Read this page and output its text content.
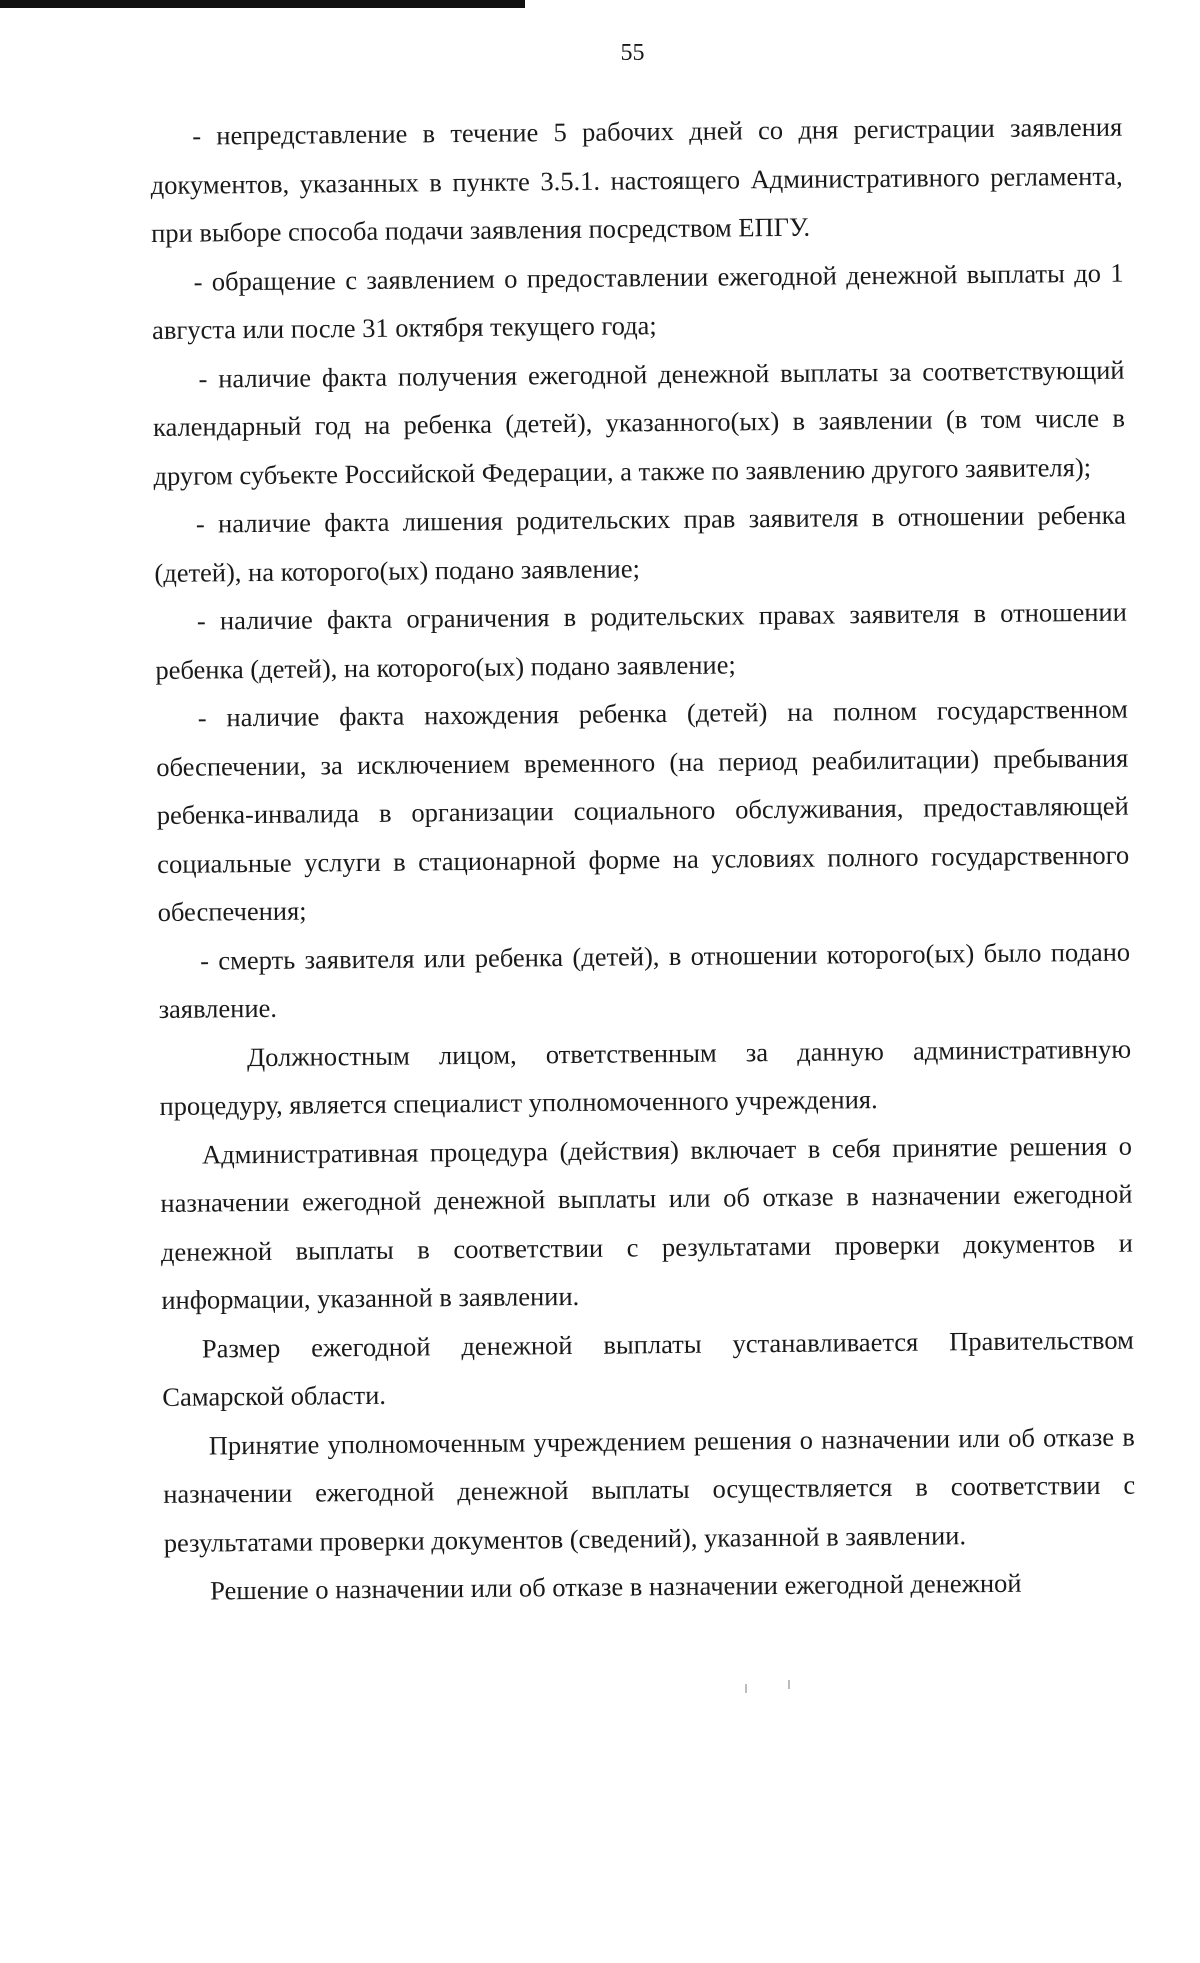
55

- непредставление в течение 5 рабочих дней со дня регистрации заявления документов, указанных в пункте 3.5.1. настоящего Административного регламента, при выборе способа подачи заявления посредством ЕПГУ.

- обращение с заявлением о предоставлении ежегодной денежной выплаты до 1 августа или после 31 октября текущего года;

- наличие факта получения ежегодной денежной выплаты за соответствующий календарный год на ребенка (детей), указанного(ых) в заявлении (в том числе в другом субъекте Российской Федерации, а также по заявлению другого заявителя);

- наличие факта лишения родительских прав заявителя в отношении ребенка (детей), на которого(ых) подано заявление;

- наличие факта ограничения в родительских правах заявителя в отношении ребенка (детей), на которого(ых) подано заявление;

- наличие факта нахождения ребенка (детей) на полном государственном обеспечении, за исключением временного (на период реабилитации) пребывания ребенка-инвалида в организации социального обслуживания, предоставляющей социальные услуги в стационарной форме на условиях полного государственного обеспечения;

- смерть заявителя или ребенка (детей), в отношении которого(ых) было подано заявление.

Должностным лицом, ответственным за данную административную процедуру, является специалист уполномоченного учреждения.

Административная процедура (действия) включает в себя принятие решения о назначении ежегодной денежной выплаты или об отказе в назначении ежегодной денежной выплаты в соответствии с результатами проверки документов и информации, указанной в заявлении.

Размер ежегодной денежной выплаты устанавливается Правительством Самарской области.

Принятие уполномоченным учреждением решения о назначении или об отказе в назначении ежегодной денежной выплаты осуществляется в соответствии с результатами проверки документов (сведений), указанной в заявлении.

Решение о назначении или об отказе в назначении ежегодной денежной
